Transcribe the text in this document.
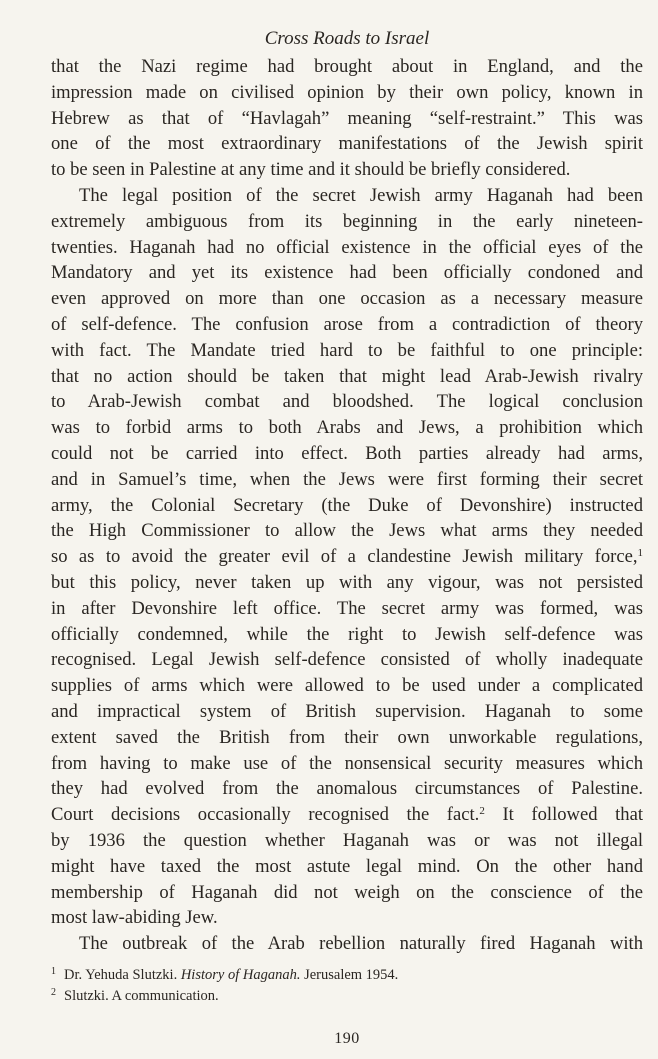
Cross Roads to Israel

that the Nazi regime had brought about in England, and the
impression made on civilised opinion by their own policy, known in
Hebrew as that of “Havlagah” meaning “self-restraint.” This was
one of the most extraordinary manifestations of the Jewish spirit
to be seen in Palestine at any time and it should be briefly considered.

The legal position of the secret Jewish army Haganah had been
extremely ambiguous from its beginning in the early nineteen-
twenties. Haganah had no official existence in the official eyes of the
Mandatory and yet its existence had been officially condoned and
even approved on more than one occasion as a necessary measure
of self-defence. The confusion arose from a contradiction of theory
with fact. The Mandate tried hard to be faithful to one principle:
that no action should be taken that might lead Arab-Jewish rivalry
to Arab-Jewish combat and bloodshed. The logical conclusion
was to forbid arms to both Arabs and Jews, a prohibition which
could not be carried into effect. Both parties already had arms,
and in Samuel’s time, when the Jews were first forming their secret
army, the Colonial Secretary (the Duke of Devonshire) instructed
the High Commissioner to allow the Jews what arms they needed
so as to avoid the greater evil of a clandestine Jewish military force,$^1$
but this policy, never taken up with any vigour, was not persisted
in after Devonshire left office. The secret army was formed, was
officially condemned, while the right to Jewish self-defence was
recognised. Legal Jewish self-defence consisted of wholly inadequate
supplies of arms which were allowed to be used under a complicated
and impractical system of British supervision. Haganah to some
extent saved the British from their own unworkable regulations,
from having to make use of the nonsensical security measures which
they had evolved from the anomalous circumstances of Palestine.
Court decisions occasionally recognised the fact.$^2$ It followed that
by 1936 the question whether Haganah was or was not illegal
might have taxed the most astute legal mind. On the other hand
membership of Haganah did not weigh on the conscience of the
most law-abiding Jew.

The outbreak of the Arab rebellion naturally fired Haganah with

1 Dr. Yehuda Slutzki. History of Haganah. Jerusalem 1954.
2 Slutzki. A communication.
190
